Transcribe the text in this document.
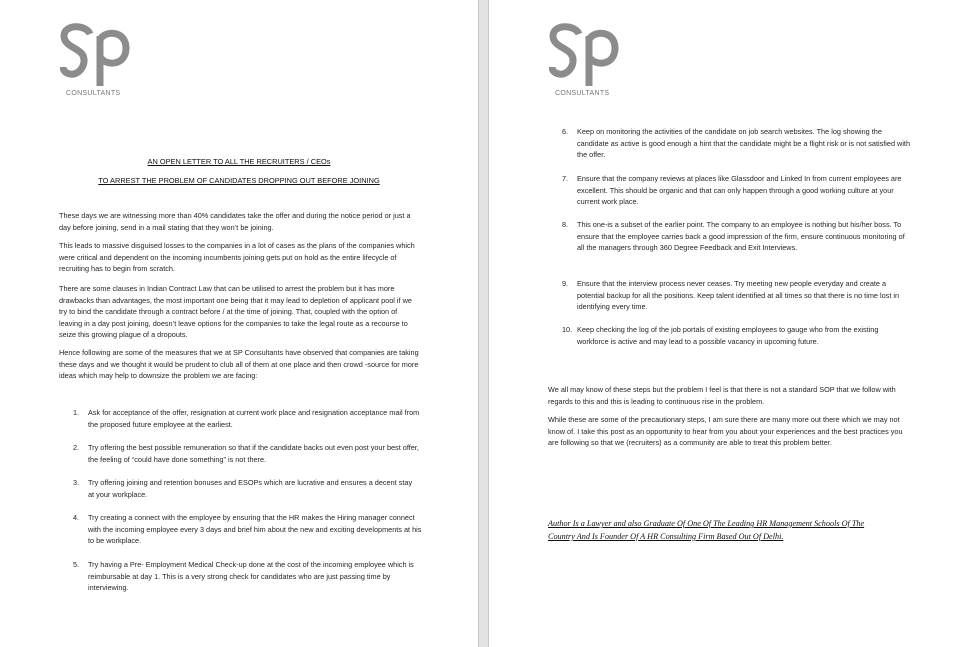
CONSULTANTS
AN OPEN LETTER TO ALL THE RECRUITERS / CEOs
TO ARREST THE PROBLEM OF CANDIDATES DROPPING OUT BEFORE JOINING
These days we are witnessing more than 40% candidates take the offer and during the notice period or just a day before joining, send in a mail stating that they won’t be joining.
This leads to massive disguised losses to the companies in a lot of cases as the plans of the companies which were critical and dependent on the incoming incumbents joining gets put on hold as the entire lifecycle of recruiting has to begin from scratch.
There are some clauses in Indian Contract Law that can be utilised to arrest the problem but it has more drawbacks than advantages, the most important one being that it may lead to depletion of applicant pool if we try to bind the candidate through a contract before / at the time of joining. That, coupled with the option of leaving in a day post joining, doesn’t leave options for the companies to take the legal route as a recourse to seize this growing plague of a dropouts.
Hence following are some of the measures that we at SP Consultants have observed that companies are taking these days and we thought it would be prudent to club all of them at one place and then crowd -source for more ideas which may help to downsize the problem we are facing:
1. Ask for acceptance of the offer, resignation at current work place and resignation acceptance mail from the proposed future employee at the earliest.
2. Try offering the best possible remuneration so that if the candidate backs out even post your best offer, the feeling of “could have done something” is not there.
3. Try offering joining and retention bonuses and ESOPs which are lucrative and ensures a decent stay at your workplace.
4. Try creating a connect with the employee by ensuring that the HR makes the Hiring manager connect with the incoming employee every 3 days and brief him about the new and exciting developments at his to be workplace.
5. Try having a Pre- Employment Medical Check-up done at the cost of the incoming employee which is reimbursable at day 1. This is a very strong check for candidates who are just passing time by interviewing.
CONSULTANTS
6. Keep on monitoring the activities of the candidate on job search websites. The log showing the candidate as active is good enough a hint that the candidate might be a flight risk or is not satisfied with the offer.
7. Ensure that the company reviews at places like Glassdoor and Linked In from current employees are excellent. This should be organic and that can only happen through a good working culture at your current work place.
8. This one-is a subset of the earlier point. The company to an employee is nothing but his/her boss. To ensure that the employee carries back a good impression of the firm, ensure continuous monitoring of all the managers through 360 Degree Feedback and Exit Interviews.
9. Ensure that the interview process never ceases. Try meeting new people everyday and create a potential backup for all the positions. Keep talent identified at all times so that there is no time lost in identifying every time.
10. Keep checking the log of the job portals of existing employees to gauge who from the existing workforce is active and may lead to a possible vacancy in upcoming future.
We all may know of these steps but the problem I feel is that there is not a standard SOP that we follow with regards to this and this is leading to continuous rise in the problem.
While these are some of the precautionary steps, I am sure there are many more out there which we may not know of. I take this post as an opportunity to hear from you about your experiences and the best practices you are following so that we (recruiters) as a community are able to treat this problem better.
Author Is a Lawyer and also Graduate Of One Of The Leading HR Management Schools Of The
Country And Is Founder Of A HR Consulting Firm Based Out Of Delhi.
